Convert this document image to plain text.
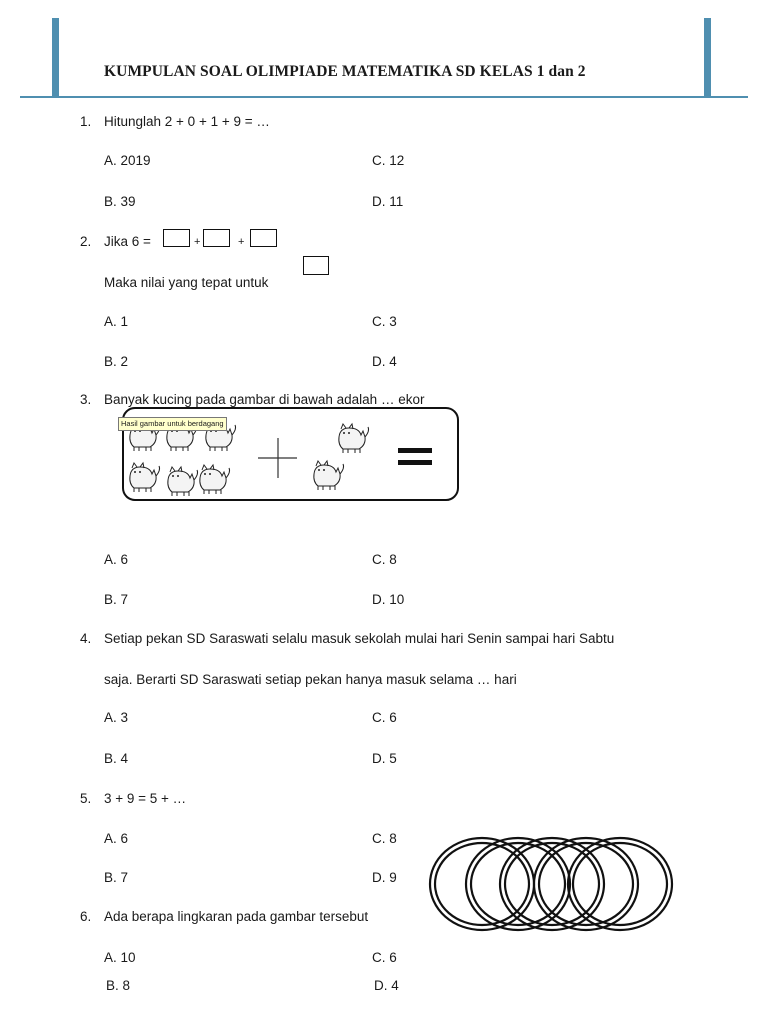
KUMPULAN SOAL OLIMPIADE MATEMATIKA SD KELAS 1 dan 2
1. Hitunglah 2 + 0 + 1 + 9 = …
A. 2019	C. 12
B. 39	D. 11
2. Jika 6 =	+	+
Maka nilai yang tepat untuk
A. 1	C. 3
B. 2	D. 4
3. Banyak kucing pada gambar di bawah adalah … ekor
Hasil gambar untuk berdagang
A. 6	C. 8
B. 7	D. 10
4. Setiap pekan SD Saraswati selalu masuk sekolah mulai hari Senin sampai hari Sabtu
saja. Berarti SD Saraswati setiap pekan hanya masuk selama … hari
A. 3	C. 6
B. 4	D. 5
5. 3 + 9 = 5 + …
A. 6	C. 8
B. 7	D. 9
6. Ada berapa lingkaran pada gambar tersebut
A. 10	C. 6
B. 8	D. 4
